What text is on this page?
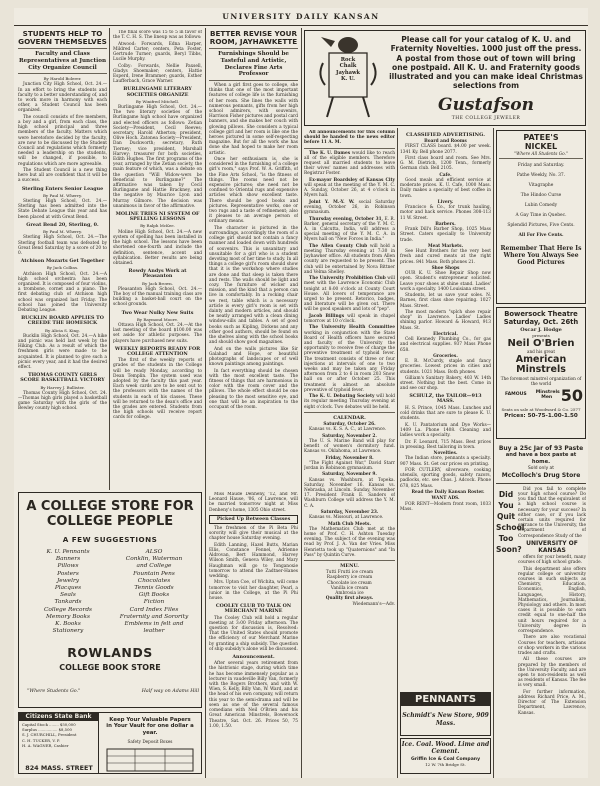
UNIVERSITY DAILY KANSAN
STUDENTS HELP TO GOVERN THEMSELVES
Faculty and Class Representatives at Junction City Organize Council
By Harold Bolerer.

Junction City High School, Oct. 24.—In an effort to bring the students and faculty to a better understanding of, and to work more in harmony with each other, a Student Council has been organized.

The council consists of five members, a boy and a girl, from each class, the high school principal and three members of the faculty. Matters which were heretofore decided by the faculty, are now to be discussed by the Student Council and regulations which formerly needed a leadership on the students, will be changed, if possible, to regulations which are more agreeable.

The Student Council is a new thing here but all are confident that it will be a success.

Sterling Enters Senior League
By Paul M. Wherry.

Sterling High School, Oct. 24.—Sterling has been admitted into the State Debate League this year and has been placed at with Great Bend.

Great Bend 20, Sterling, 0.
By Paul M. Wherry.

Sterling High School, Oct. 24.—The Sterling football team was defeated by Great Bend Saturday by a score of 20 to 0.

Atchison Mozarts Get Together
By Jack Collins.

Atchison High School, Oct. 24.—A high school orchestra has been organized. It is composed of four violins, a trombone, cornet and a piano. The first debating club of Atchison high school was organized last Friday. The school has joined the University Debating League.

BUCKLIN BOARD APPLIES TO CREEDE THE HOMESICK
By Alicia S. King.

Bucklin High School, Oct. 24.—A hike and picnic was held last week by the Hiking Club. As a result of which the freshmen girls were made to be acquainted. It is planned to give such a picnic every year, and it had the desired effect.

THOMAS COUNTY GIRLS SCORE BASKETBALL VICTORY
By Harvey J. Bullister.

Thomas County High School, Oct. 24.—Thomas high girls played a basketball game Saturday with the girls of the Bewley county high school.

The final score was 15 to 5 in favor of the T. C. H. S. The lineup was as follows:

Atwood: Forwards, Edna Harper, Mildred Carter; centers, Peta Foster, Gertrude Turner; guards, Beryl Tibbs, Lucile Murphy.

Colby: Forwards, Nellie Paxsell, Gladys Shoemaker; centers, Hattie Esperd, Irene Brammer; guards, Esther Laufferbach, Grace Warner.

BURLINGAME LITERARY SOCIETIES ORGANIZE
By Winifred Mitchell.

Burlingame High School, Oct. 24.—The two literary societies of the Burlingame high school have organized and elected officers as follows: Zetian Society—President, Cecil Reeves; secretary, Harold Atherton; president, Olive Hoch. Zatonea Society—President, Dan Duckworth; secretary, Ruth Tierney; vice president, Marshall Harvey; treasurer for both societies, Edith Hughes. The first programs of the year, arranged by the Zetian society, the main feature of which, was a debate on the question "Will Widow-wers be Beneficial to Burlingame?" The affirmative was taken by Cecil Burlingame and Hattie Brackney, and the negative by Maurice Lyon and Murray Gilmore. The decision was unanimous in favor of the affirmative.

MOLINE TRIES NI SYSTEM OF SPELLING LESSONS
By Ralph McKee.

Moline High School, Oct. 24.—A new system of spelling has been installed in the high school. The lessons have been shortened one-fourth and include the definition, sentence, accent and syllabication. Better results are being obtained.

Rowdy Andys Work at Pleasanton
By Jack Brown.

Pleasanton High School, Oct. 24.—The boy of the manual training class are building a basket-ball court on the school grounds.

Two Wear Nulky New Suits
By Raymond Moore.

Ottawa High School, Oct. 24.—At the last meeting of the board $100.00 was set aside for athletic purposes. The players have purchased new suits.

WEEKLY REPORTS READY FOR COLLEGE ATTENTION

The first of the weekly reports of grades of the students in the College will be ready Monday, according to Dean Templin. The system used was adopted by the faculty this past year. Each week cards are to be sent out to the professors with the names of the students in each of his classes. These will be returned to the dean's office and the grades are entered. Students from the high schools will receive report cards for college.

BETTER REVISE YOUR ROOM, JAYHAWKETTE
Furnishings Should be Tasteful and Artistic, Declares Fine Arts Professor

When a girl first goes to college, she thinks that one of the most important features of college life is the furnishing of her room. She lines the walls with numerous pennants, gifts from her high school admirers, with souvenirs, Harrison Fisher pictures and postal card banners, and she makes her couch with glowing pillows. She considers a typical college girl and her room is like one the heroes pictured in some self-respecting magazine. But for all the work she has done she had hoped to make her room artistic.

Once her enthusiasm is, she is considered in the furnishing of a college girl's room," says Prof. W. A. Griffith, of the Fine Arts School, "is the fitness of things. The rooms need not be expensive pictures; she need not be confined to Oriental rugs and expensive articles which show excellent taste. There should be good books and pictures. Representative works, one or two rugs and a taste of refinement; also it pleases to an average person of ordinary means.

The character is pictured in the surroundings, accordingly the room of a college girl should not contain a fancy manner and loaded down with hundreds of souvenirs. This is unsanitary and unsuitable for a girl who is a student devoting most of her time to study. In all things a college girl's room should show that it is the workshop where studies are done and that sleep is taken there and rests. The walls should be light and cozy. The furniture of wicker and mission, and the kind that a person can live in comfortably. In a rocking chair we rest, table which is a necessary article is every girl's room is set with dainty and modern articles, and should be neatly arranged with a clean dining window-sills and tables. A set of good books such as Kipling, Dickens and any other good authors, should be found on the shelves along with the school books and should show good magazines.

And on the walls pictures like Sir Galahad and Hope, or beautiful photographs of landscapes or of well known paintings among paintings.

In fact everything should be chosen with the most excellent taste. The fitness of things that are harmonious in color with the room cover and the pillows. The whole effect should be one pleasing to the most sensitive eye, and one that will be an inspiration to the occupant of the room.

Rock
Chalk
Jayhawk
K. U.
Please call for your catalog of K. U. and Fraternity Novelties. 1000 just off the press. A postal from those out of town will bring one postpaid. All K. U. and Fraternity goods illustrated and you can make ideal Christmas selections from
Gustafson
THE COLLEGE JEWELER

All announcements for this column should be handed to the news editor before 11 A. M.

The K. U. Dames would like to reach all of the eligible members. Therefore request all married students to leave their wives' names and addresses with Registrar Foster.

Ex-mayor Boardsley of Kansas City will speak at the meeting of the Y. M. C. A. Sunday, October 26, at 4 o'clock in Myers hall.

Joint Y. M.-Y. W. social Saturday evening, October 26, in Robinson gymnasium.

Thursday evening, October 31, E. R. Barker, general secretary of the Y. M. C. A. in Calcutta, India, will address a special meeting of the Y. M. C. A. in Myers hall on "New Forces in India."

The Allen County Club will hold a meeting Thursday evening at 7:30 in Jayhawker office. All students from Allen county are requested to be present. The club will be entertained by Nova Bittner and Velma Shelley.

The University Prohibition Club will meet with the Lawrence Economic Club tonight at 8:00 o'clock at County Court House. All lovers of temperance are urged to be present. Retorico, badges, and literature will be given out. There will be good speakers and lots of "pep".

Jacob Billings will speak in chapel tomorrow at 10 o'clock.

The University Health Committee working in conjunction with the State Board of Health officers have secured and faculty of the University the opportunity to receive free of charge the preventive treatment of typhoid fever. The treatment consists of three or four injections at intervals of one to two weeks and may be taken any Friday afternoon from 2 to 6 in room 203 Snow hall on or after October 25. This treatment is almost an absolute preventive of typhoid fever.

The K. U. Debating Society will hold its regular meeting Thursday evening at eight o'clock. Two debates will be held.

CALENDAR.
Saturday, October 26.

Kansas vs. K. S. A. C., at Lawrence.

Saturday, November 2.

The U. S. Marine Band will play for benefit of women's dormitory fund. Kansas vs. Oklahoma, at Lawrence.

Friday, November 8.

"The Fight Against War," David Starr Jordan in Robinson gymnasium.

Saturday, November 9.

Kansas vs. Washburn, at Topeka. Saturday, November 16. Kansas vs. Nebraska, at Lincoln. Sunday, November 17. President Frank E. Sanders of Washburn College will address the Y. M. C. A.

Saturday, November 23.

Kansas vs. Missouri, at Lawrence.

Math Club Meets.

The Mathematics Club met at the home of Prof. C. H. Ashton Tuesday evening. The subject of the evening was read by Prof. J. A. Van der Vries. Miss Henrietta took up "Quaternions" and "In Pass" by Quintin Curve.

MENU.
Tutti Frutti ice cream
Raspberry ice cream
Chocolate ice cream
Vanilla ice cream
Ambrosia ice
Quality first always.
Wiedemann's—Adv.
CLASSIFIED ADVERTISING.
Board and Rooms

FIRST CLASS board. $4.00 per week. 1341 Ky. Bell phone 2077.

First class board and room. See Mrs. G. M. Dietrich, 1200 Tenn., formerly German club. Bell 2105.

Cafe.

Good meals and efficient service at moderate prices. K. U. Cafe, 1000 Mass. Daily makes a specialty of best coffee in town.

Livery.

Francisco & Co., for trunk hauling, motor and hack service. Phones 308-113 11 W. Street.

Barbers.

Frank Dill's Barber Shop, 1025 Mass Street. Caters specially to University trade.

Meat Markets.

See Hunt Brothers for the very best fresh and cured meats at the right prices. 841 Mass. Both phones 21.

Shoe Shops

OUR K. U. Shoe Repair Shop now open. Student's entrepreneur solicited. Leave your shoes at shine stand. Ladies' work a specialty. 1400 Louisiana street.

Students, let us save your soles. N. Barnes, first class shoe repairing. 1027 Mass. Street.

The most modern "splch shoe repair shop" in Lawrence. Ladies' Ladies shining parlor. Howard & Howard, 913 Mass. St.

Electrical.

Cell Kennedy Plumbing Co., for gas and electrical supplies. 937 Mass Phone 658.

Groceries.

E. R. McCurdy, staple and fancy groceries. Lowest prices in cities and students. 1021 Mass. Both phones.

Gilliam's Sanitary Bakery, 403 W. 14th street. Nothing but the best. Come in and see our shop.

SCHULZ, the TAILOR—913 MASS.

H. S. Prince, 1045 Mass. Lunches and cold drinks that are sure to please K. U. students.

K. U. Pantatorium and Dye Works—1409 La. Phone 1408. Cleaning and ladies work a specialty.

Dr. F. Leonard, 715 Mass. Best prices in pressing. Best tailoring in town.

Novelties.

The Indian store, pennants a specialty. 907 Mass. St. Get our prices on printing.

FOR CUTLERY, silverware, cooking utensils, sporting goods, safety razors, padlocks, etc. see Chas. J. Adcock. Phone 678, 825 Mass.

Read the Daily Kansan Roster.

WANT ADS.

FOR RENT—Modern front room, 1033 Mass.

PATEE'S
NICKEL
"Where All Students Go."
Friday and Saturday.
Pathe Weekly, No. 37.
Vitagraphe
The Hindoo Curse
Lubin Comedy
A Gay Time in Quebec.
Splendid Pictures, Five Cents.
All For Five Cents.
Remember That Here Is Where You Always See Good Pictures
Bowersock Theatre
Saturday, Oct. 26th
Oscar J. Hodge
presents
Neil O'Brien
and his great
American
Minstrels
The foremost minstrel organization of the world
FAMOUS
Minstrels Men 50
Seats on sale at Woodward & Co. 2577
Prices: 50-75-1.00-1.50
Buy a 25c Jar of 93 Paste
and have a box paste at home.
Sold only at
McColloch's Drug Store
Did You Quit School Too Soon?

Did you fail to complete your high school course? Do you find that the equivalent of a high school course is necessary for your success? In either case, or if you lack certain units required for entrance to the University, the Department of Correspondence Study of the

UNIVERSITY OF KANSAS

offers for your benefit, many courses of high school grade.

This department also offers regular college or university courses in such subjects as Chemistry, Education, Economics, English, Languages, History, Mathematics, Journalism, Physiology and others. In most cases it is possible to earn credit equal to one-half the unit hours required for a University degree in correspondence.

There are also vocational Courses for teachers, artisans or shop workers in the various trades and crafts.

All these courses are prepared by the members of the University Faculty, and are open to non-residents as well as residents of Kansas. The fee is very small.

For further information, address Richard Price, A. M., Director of The Extension Department, Lawrence, Kansas.

A COLLEGE STORE FOR COLLEGE PEOPLE
A FEW SUGGESTIONS
K. U. Pennants
Banners
Pillows
Posters
Jewelry
Placques
Seals
Tankards
College Records
Memory Books
K. Books
Stationery
ALSO
Conklin, Waterman
and College
Fountain Pens
Chocolates
Tennis Goods
Gift Books
Fiction
Card Index Files
Fraternity and Sorority
Emblems in felt and
leather
ROWLANDS
COLLEGE BOOK STORE
"Where Students Go."	Half way on Adams Hill

Miss Maude Denheny, '12, and Mr. Leonard Hause, '06, of Lawrence, will be married tomorrow night at Miss Denheny's home, 1305 Ohio street.

Picked Up Between Classes

The freshmen of the Pi Beta Phi sorority will give their musical at the chapter house Saturday evening.

Edith Lanning, Hazel Butts, Marian Ellis, Constance Fennel, Adrienne Aldrovan, Bert Hammond, Harvey Wilson Smith, Geneva Wiley, and Mary Haughman will go to Tonganoxie tomorrow to attend the Zadtner-Hanes wedding.

Mrs. Upton Coe, of Wichita, will come tomorrow to visit her daughter, Pearl, a junior in the College, at the Pi Phi house.

COOLEY CLUB TO TALK ON MERCHANT MARINE

The Cooley Club will hold a regular meeting at 3:00 Friday afternoon. The question for discussion is, Resolved: That the United States should promote the efficiency of our Merchant Marine by granting a ship subsidy. The question of ship subsidy's alone will be discussed.

Announcement.

After several years retirement from the histrionic stage, during which time he has become immensely popular as a lecturer in vaudeville Billy Van, formerly with the Rogers Brothers, and with W. Wien, S. Kelly, Billy Van, W. Ward, and at the head of his own company, will return this year to the semi-drama and will be seen as one of the several famous comedians with Neil O'Brien and his Great American Minstrels, Bowersock Theatre, Sat. Oct. 26. Prices 50, 75 1.00, 1.50.

Citizens State Bank
Capital Stock ........ $50,000
Surplus ................ $8,500
S. J. CHURCHILL, President
C. H. TUCKER, V. P.
H. A. WAGNER, Cashier
824 MASS. STREET
Keep Your Valuable Papers
in Your Vault for one dollar a year.
Safety Deposit Boxes
PENNANTS
Schmidt's New Store, 909 Mass.
Ice. Coal. Wood. Lime and Cement.
Griffin Ice & Coal Company
12 W. 7th Bridge St.
